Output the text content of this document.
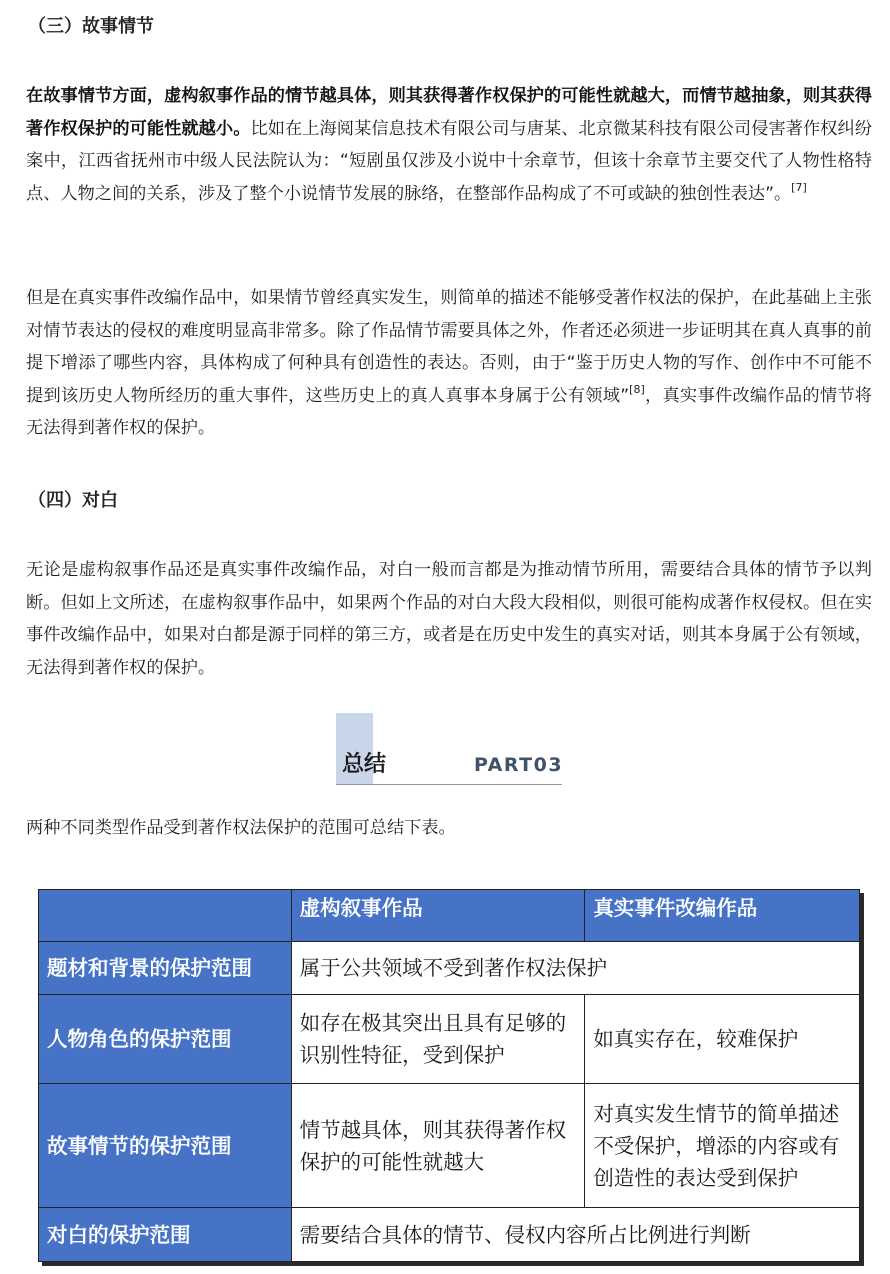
（三）故事情节
在故事情节方面，虚构叙事作品的情节越具体，则其获得著作权保护的可能性就越大，而情节越抽象，则其获得著作权保护的可能性就越小。比如在上海阅某信息技术有限公司与唐某、北京微某科技有限公司侵害著作权纠纷案中，江西省抚州市中级人民法院认为：“短剧虽仅涉及小说中十余章节，但该十余章节主要交代了人物性格特点、人物之间的关系，涉及了整个小说情节发展的脉络，在整部作品构成了不可或缺的独创性表达”。[7]
但是在真实事件改编作品中，如果情节曾经真实发生，则简单的描述不能够受著作权法的保护，在此基础上主张对情节表达的侵权的难度明显高非常多。除了作品情节需要具体之外，作者还必须进一步证明其在真人真事的前提下增添了哪些内容，具体构成了何种具有创造性的表达。否则，由于“鉴于历史人物的写作、创作中不可能不提到该历史人物所经历的重大事件，这些历史上的真人真事本身属于公有领域”[8]，真实事件改编作品的情节将无法得到著作权的保护。
（四）对白
无论是虚构叙事作品还是真实事件改编作品，对白一般而言都是为推动情节所用，需要结合具体的情节予以判断。但如上文所述，在虚构叙事作品中，如果两个作品的对白大段大段相似，则很可能构成著作权侵权。但在实事件改编作品中，如果对白都是源于同样的第三方，或者是在历史中发生的真实对话，则其本身属于公有领域，无法得到著作权的保护。
总结	PART03
两种不同类型作品受到著作权法保护的范围可总结下表。
	虚构叙事作品	真实事件改编作品
题材和背景的保护范围	属于公共领域不受到著作权法保护	
人物角色的保护范围	如存在极其突出且具有足够的识别性特征，受到保护	如真实存在，较难保护
故事情节的保护范围	情节越具体，则其获得著作权保护的可能性就越大	对真实发生情节的简单描述不受保护，增添的内容或有创造性的表达受到保护
对白的保护范围	需要结合具体的情节、侵权内容所占比例进行判断	
